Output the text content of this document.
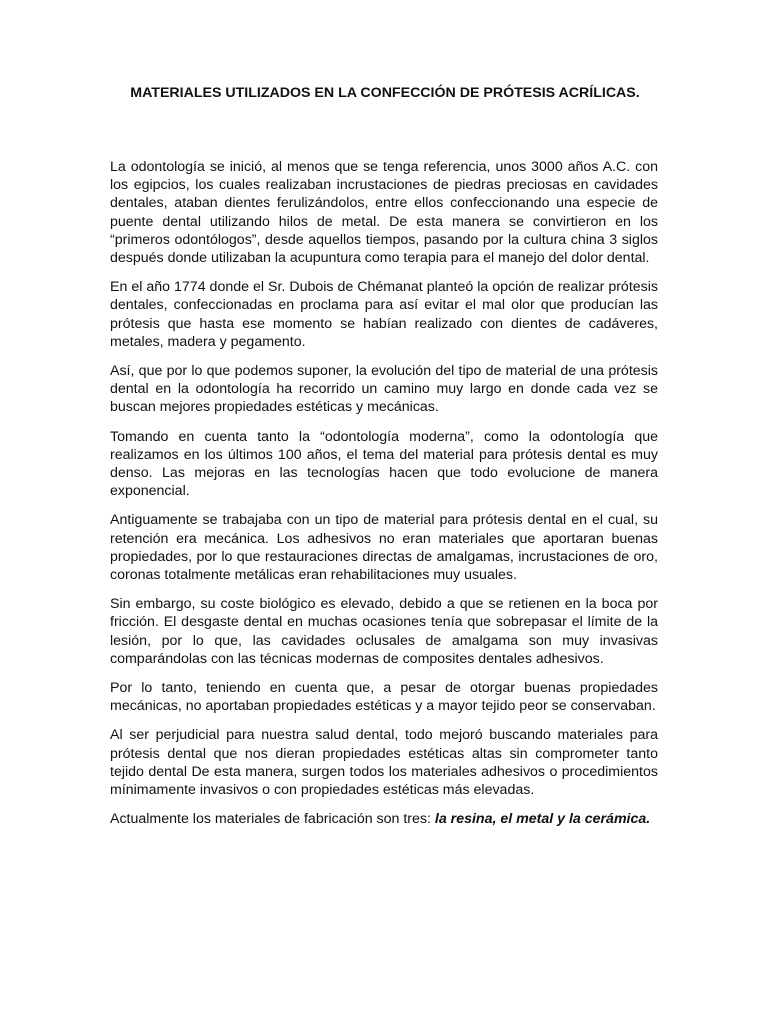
MATERIALES UTILIZADOS EN LA CONFECCIÓN DE PRÓTESIS ACRÍLICAS.

La odontología se inició, al menos que se tenga referencia, unos 3000 años A.C. con los egipcios, los cuales realizaban incrustaciones de piedras preciosas en cavidades dentales, ataban dientes ferulizándolos, entre ellos confeccionando una especie de puente dental utilizando hilos de metal. De esta manera se convirtieron en los “primeros odontólogos”, desde aquellos tiempos, pasando por la cultura china 3 siglos después donde utilizaban la acupuntura como terapia para el manejo del dolor dental.

En el año 1774 donde el Sr. Dubois de Chémanat planteó la opción de realizar prótesis dentales, confeccionadas en proclama para así evitar el mal olor que producían las prótesis que hasta ese momento se habían realizado con dientes de cadáveres, metales, madera y pegamento.

Así, que por lo que podemos suponer, la evolución del tipo de material de una prótesis dental en la odontología ha recorrido un camino muy largo en donde cada vez se buscan mejores propiedades estéticas y mecánicas.

Tomando en cuenta tanto la “odontología moderna”, como la odontología que realizamos en los últimos 100 años, el tema del material para prótesis dental es muy denso. Las mejoras en las tecnologías hacen que todo evolucione de manera exponencial.

Antiguamente se trabajaba con un tipo de material para prótesis dental en el cual, su retención era mecánica. Los adhesivos no eran materiales que aportaran buenas propiedades, por lo que restauraciones directas de amalgamas, incrustaciones de oro, coronas totalmente metálicas eran rehabilitaciones muy usuales.

Sin embargo, su coste biológico es elevado, debido a que se retienen en la boca por fricción. El desgaste dental en muchas ocasiones tenía que sobrepasar el límite de la lesión, por lo que, las cavidades oclusales de amalgama son muy invasivas comparándolas con las técnicas modernas de composites dentales adhesivos.

Por lo tanto, teniendo en cuenta que, a pesar de otorgar buenas propiedades mecánicas, no aportaban propiedades estéticas y a mayor tejido peor se conservaban.

Al ser perjudicial para nuestra salud dental, todo mejoró buscando materiales para prótesis dental que nos dieran propiedades estéticas altas sin comprometer tanto tejido dental De esta manera, surgen todos los materiales adhesivos o procedimientos mínimamente invasivos o con propiedades estéticas más elevadas.

Actualmente los materiales de fabricación son tres: la resina, el metal y la cerámica.
